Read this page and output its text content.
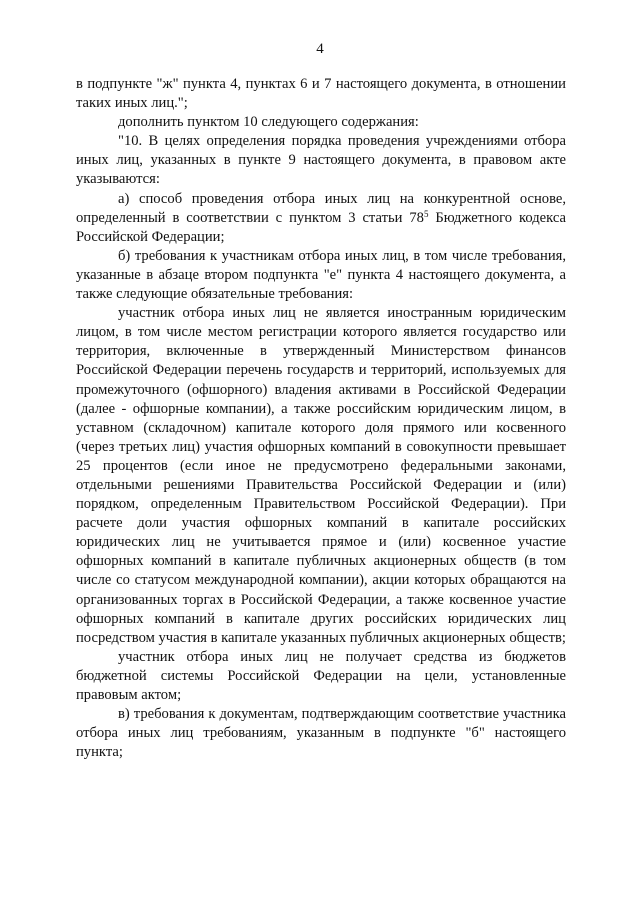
4

в подпункте "ж" пункта 4, пунктах 6 и 7 настоящего документа, в отношении таких иных лиц.";

дополнить пунктом 10 следующего содержания:

"10. В целях определения порядка проведения учреждениями отбора иных лиц, указанных в пункте 9 настоящего документа, в правовом акте указываются:

а) способ проведения отбора иных лиц на конкурентной основе, определенный в соответствии с пунктом 3 статьи $78^5$ Бюджетного кодекса Российской Федерации;

б) требования к участникам отбора иных лиц, в том числе требования, указанные в абзаце втором подпункта "е" пункта 4 настоящего документа, а также следующие обязательные требования:

участник отбора иных лиц не является иностранным юридическим лицом, в том числе местом регистрации которого является государство или территория, включенные в утвержденный Министерством финансов Российской Федерации перечень государств и территорий, используемых для промежуточного (офшорного) владения активами в Российской Федерации (далее - офшорные компании), а также российским юридическим лицом, в уставном (складочном) капитале которого доля прямого или косвенного (через третьих лиц) участия офшорных компаний в совокупности превышает 25 процентов (если иное не предусмотрено федеральными законами, отдельными решениями Правительства Российской Федерации и (или) порядком, определенным Правительством Российской Федерации). При расчете доли участия офшорных компаний в капитале российских юридических лиц не учитывается прямое и (или) косвенное участие офшорных компаний в капитале публичных акционерных обществ (в том числе со статусом международной компании), акции которых обращаются на организованных торгах в Российской Федерации, а также косвенное участие офшорных компаний в капитале других российских юридических лиц посредством участия в капитале указанных публичных акционерных обществ;

участник отбора иных лиц не получает средства из бюджетов бюджетной системы Российской Федерации на цели, установленные правовым актом;

в) требования к документам, подтверждающим соответствие участника отбора иных лиц требованиям, указанным в подпункте "б" настоящего пункта;
